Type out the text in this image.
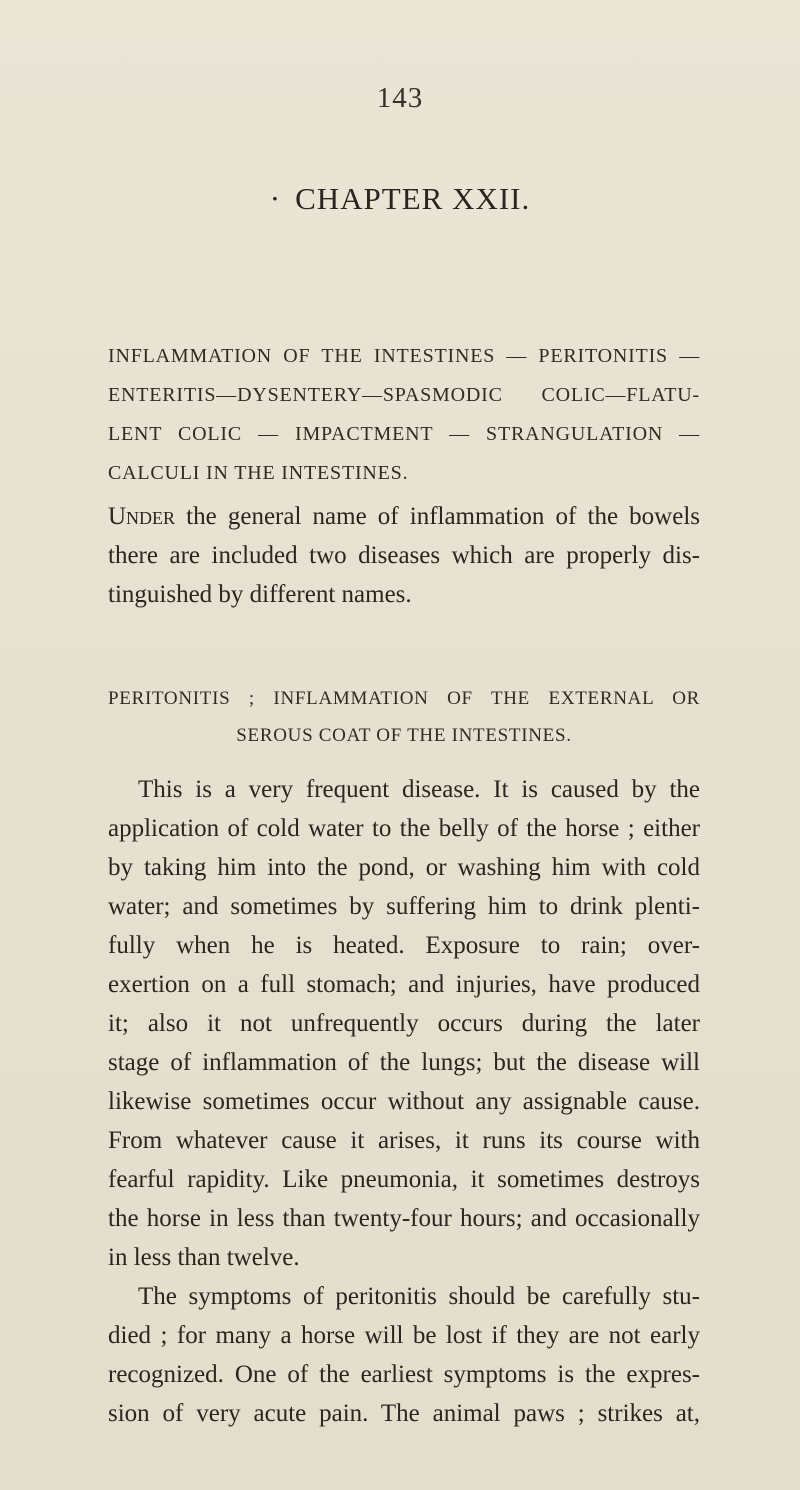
143
· CHAPTER XXII.
INFLAMMATION OF THE INTESTINES — PERITONITIS —
ENTERITIS—DYSENTERY—SPASMODIC COLIC—FLATU-
LENT COLIC — IMPACTMENT — STRANGULATION —
CALCULI IN THE INTESTINES.
Under the general name of inflammation of the bowels
there are included two diseases which are properly dis-
tinguished by different names.
PERITONITIS ; INFLAMMATION OF THE EXTERNAL OR
SEROUS COAT OF THE INTESTINES.
This is a very frequent disease. It is caused by the
application of cold water to the belly of the horse ; either
by taking him into the pond, or washing him with cold
water; and sometimes by suffering him to drink plenti-
fully when he is heated. Exposure to rain; over-
exertion on a full stomach; and injuries, have produced
it; also it not unfrequently occurs during the later
stage of inflammation of the lungs; but the disease will
likewise sometimes occur without any assignable cause.
From whatever cause it arises, it runs its course with
fearful rapidity. Like pneumonia, it sometimes destroys
the horse in less than twenty-four hours; and occasionally
in less than twelve.
The symptoms of peritonitis should be carefully stu-
died ; for many a horse will be lost if they are not early
recognized. One of the earliest symptoms is the expres-
sion of very acute pain. The animal paws ; strikes at,
